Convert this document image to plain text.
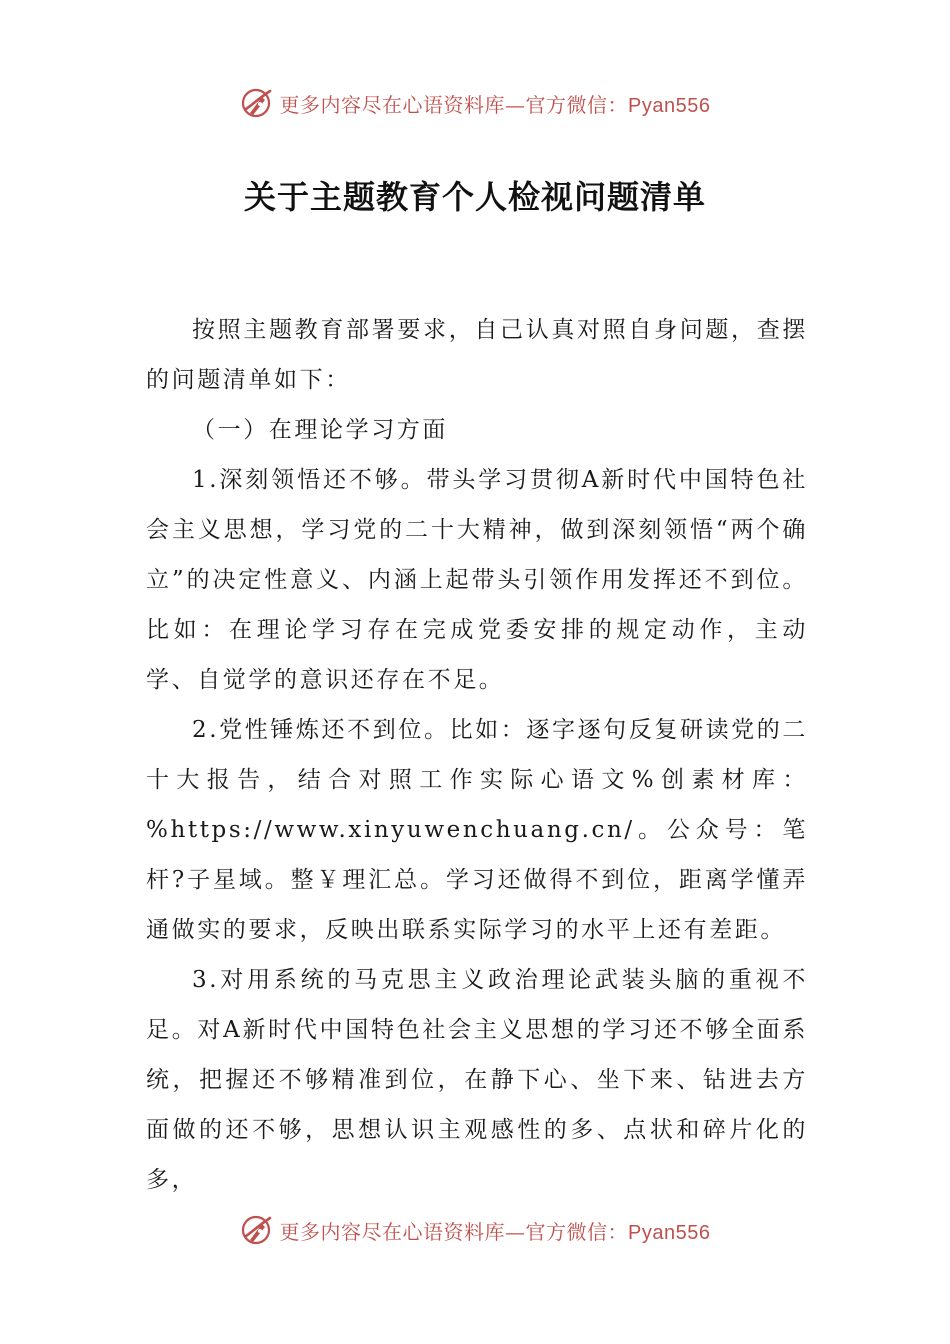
更多内容尽在心语资料库—官方微信：Pyan556
关于主题教育个人检视问题清单

按照主题教育部署要求，自己认真对照自身问题，查摆的问题清单如下：

（一）在理论学习方面

1.深刻领悟还不够。带头学习贯彻A新时代中国特色社会主义思想，学习党的二十大精神，做到深刻领悟“两个确立”的决定性意义、内涵上起带头引领作用发挥还不到位。比如：在理论学习存在完成党委安排的规定动作，主动学、自觉学的意识还存在不足。

2.党性锤炼还不到位。比如：逐字逐句反复研读党的二十大报告，结合对照工作实际心语文%创素材库：%https://www.xinyuwenchuang.cn/。公众号：笔杆?子星域。整￥理汇总。学习还做得不到位，距离学懂弄通做实的要求，反映出联系实际学习的水平上还有差距。

3.对用系统的马克思主义政治理论武装头脑的重视不足。对A新时代中国特色社会主义思想的学习还不够全面系统，把握还不够精准到位，在静下心、坐下来、钻进去方面做的还不够，思想认识主观感性的多、点状和碎片化的多，

更多内容尽在心语资料库—官方微信：Pyan556
